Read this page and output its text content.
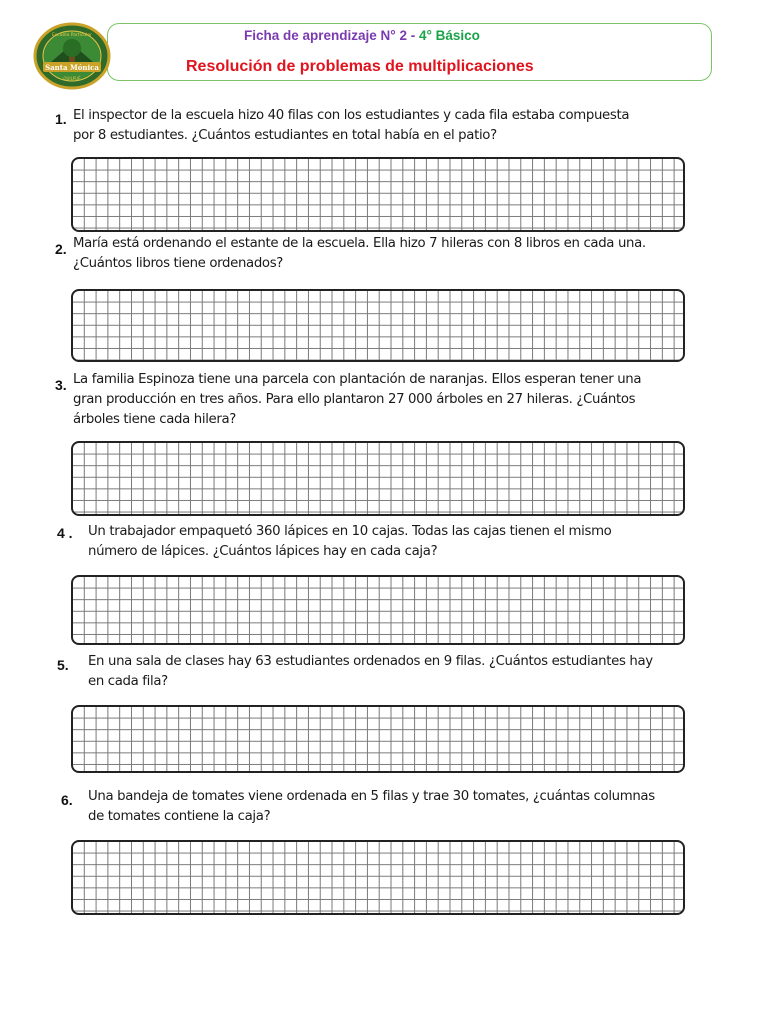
Santa Mónica
Escuela Particular
QUILPUÉ
Ficha de aprendizaje N° 2 - 4° Básico
Resolución de problemas de multiplicaciones
1. El inspector de la escuela hizo 40 filas con los estudiantes y cada fila estaba compuesta
por 8 estudiantes. ¿Cuántos estudiantes en total había en el patio?
2. María está ordenando el estante de la escuela. Ella hizo 7 hileras con 8 libros en cada una.
¿Cuántos libros tiene ordenados?
3. La familia Espinoza tiene una parcela con plantación de naranjas. Ellos esperan tener una
gran producción en tres años. Para ello plantaron 27 000 árboles en 27 hileras. ¿Cuántos
árboles tiene cada hilera?
4 . Un trabajador empaquetó 360 lápices en 10 cajas. Todas las cajas tienen el mismo
número de lápices. ¿Cuántos lápices hay en cada caja?
5. En una sala de clases hay 63 estudiantes ordenados en 9 filas. ¿Cuántos estudiantes hay
en cada fila?
6. Una bandeja de tomates viene ordenada en 5 filas y trae 30 tomates, ¿cuántas columnas
de tomates contiene la caja?
